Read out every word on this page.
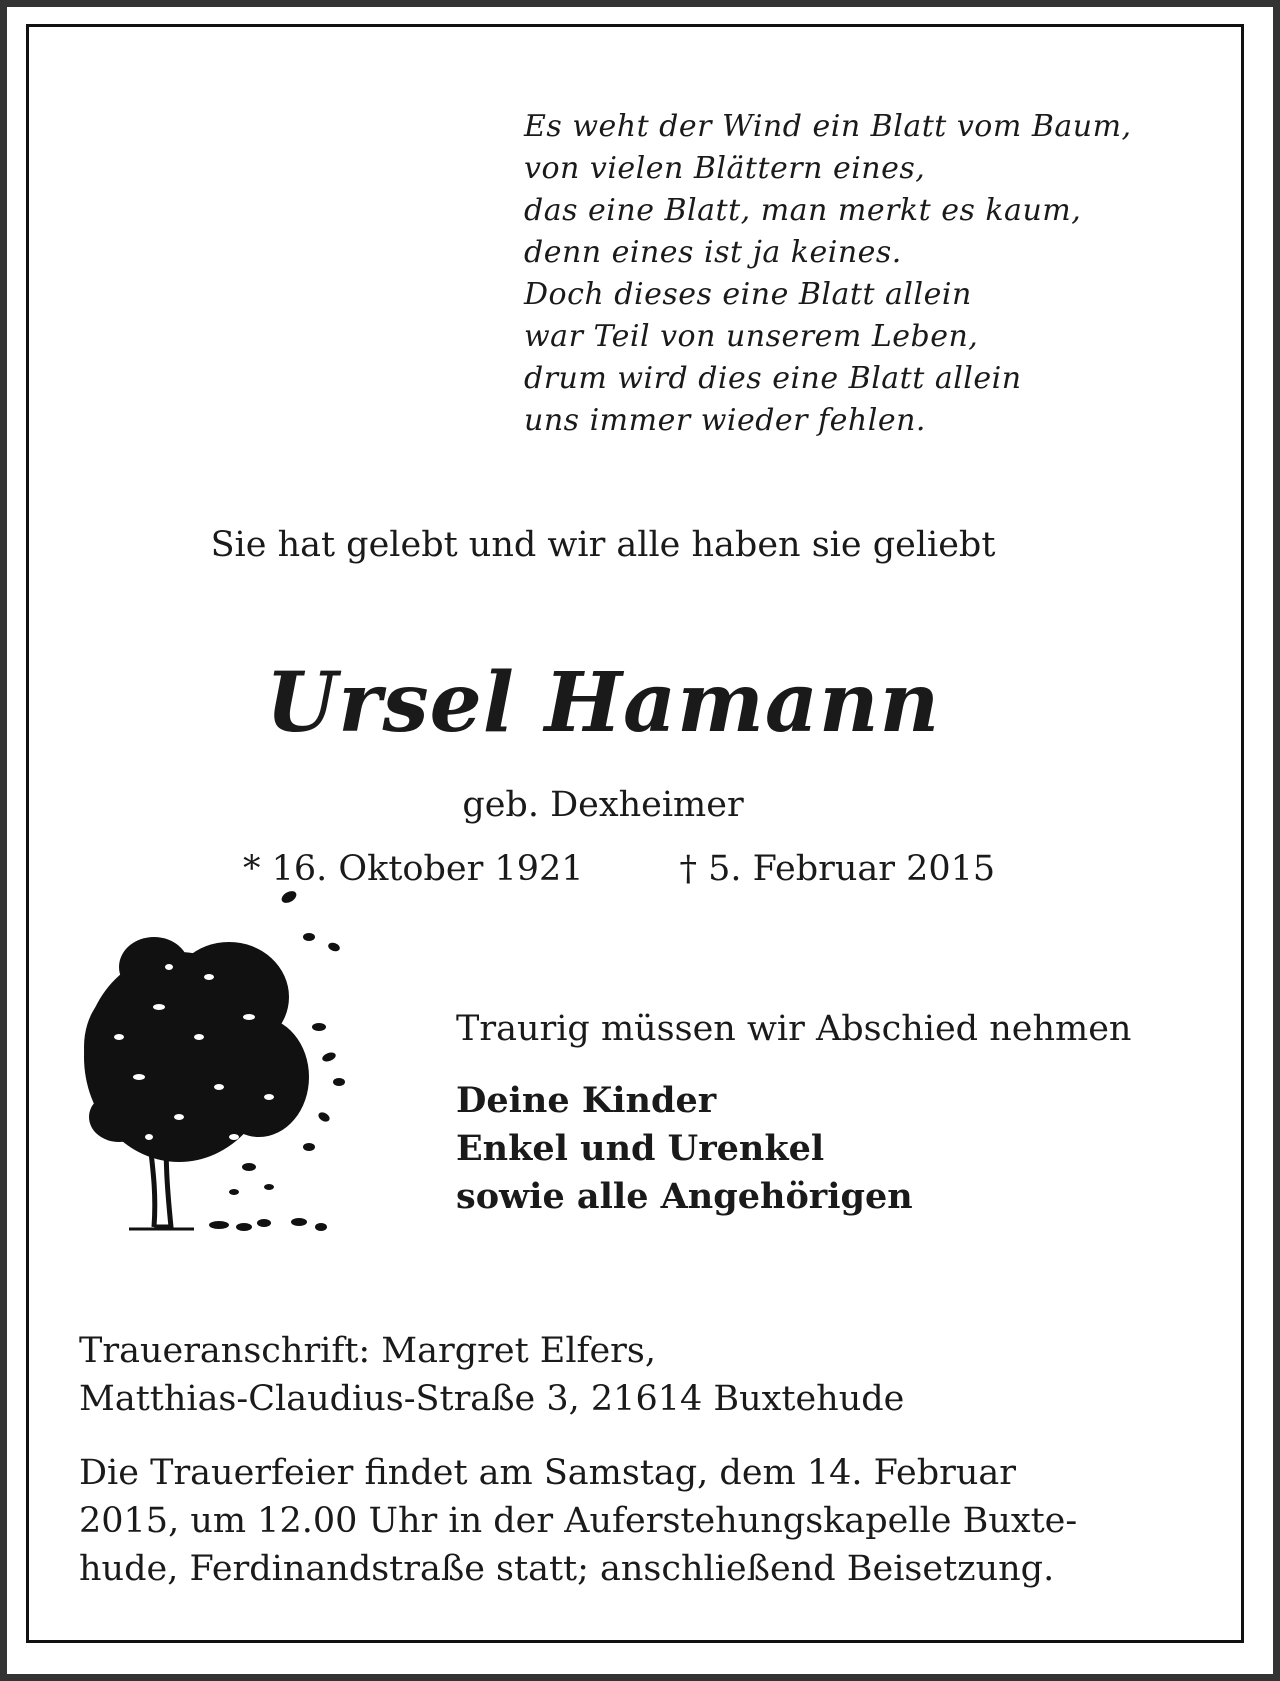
Es weht der Wind ein Blatt vom Baum,
von vielen Blättern eines,
das eine Blatt, man merkt es kaum,
denn eines ist ja keines.
Doch dieses eine Blatt allein
war Teil von unserem Leben,
drum wird dies eine Blatt allein
uns immer wieder fehlen.
Sie hat gelebt und wir alle haben sie geliebt
Ursel Hamann
geb. Dexheimer
* 16. Oktober 1921	† 5. Februar 2015
Traurig müssen wir Abschied nehmen
Deine Kinder
Enkel und Urenkel
sowie alle Angehörigen
Traueranschrift: Margret Elfers,
Matthias-Claudius-Straße 3, 21614 Buxtehude
Die Trauerfeier findet am Samstag, dem 14. Februar
2015, um 12.00 Uhr in der Auferstehungskapelle Buxte-
hude, Ferdinandstraße statt; anschließend Beisetzung.
